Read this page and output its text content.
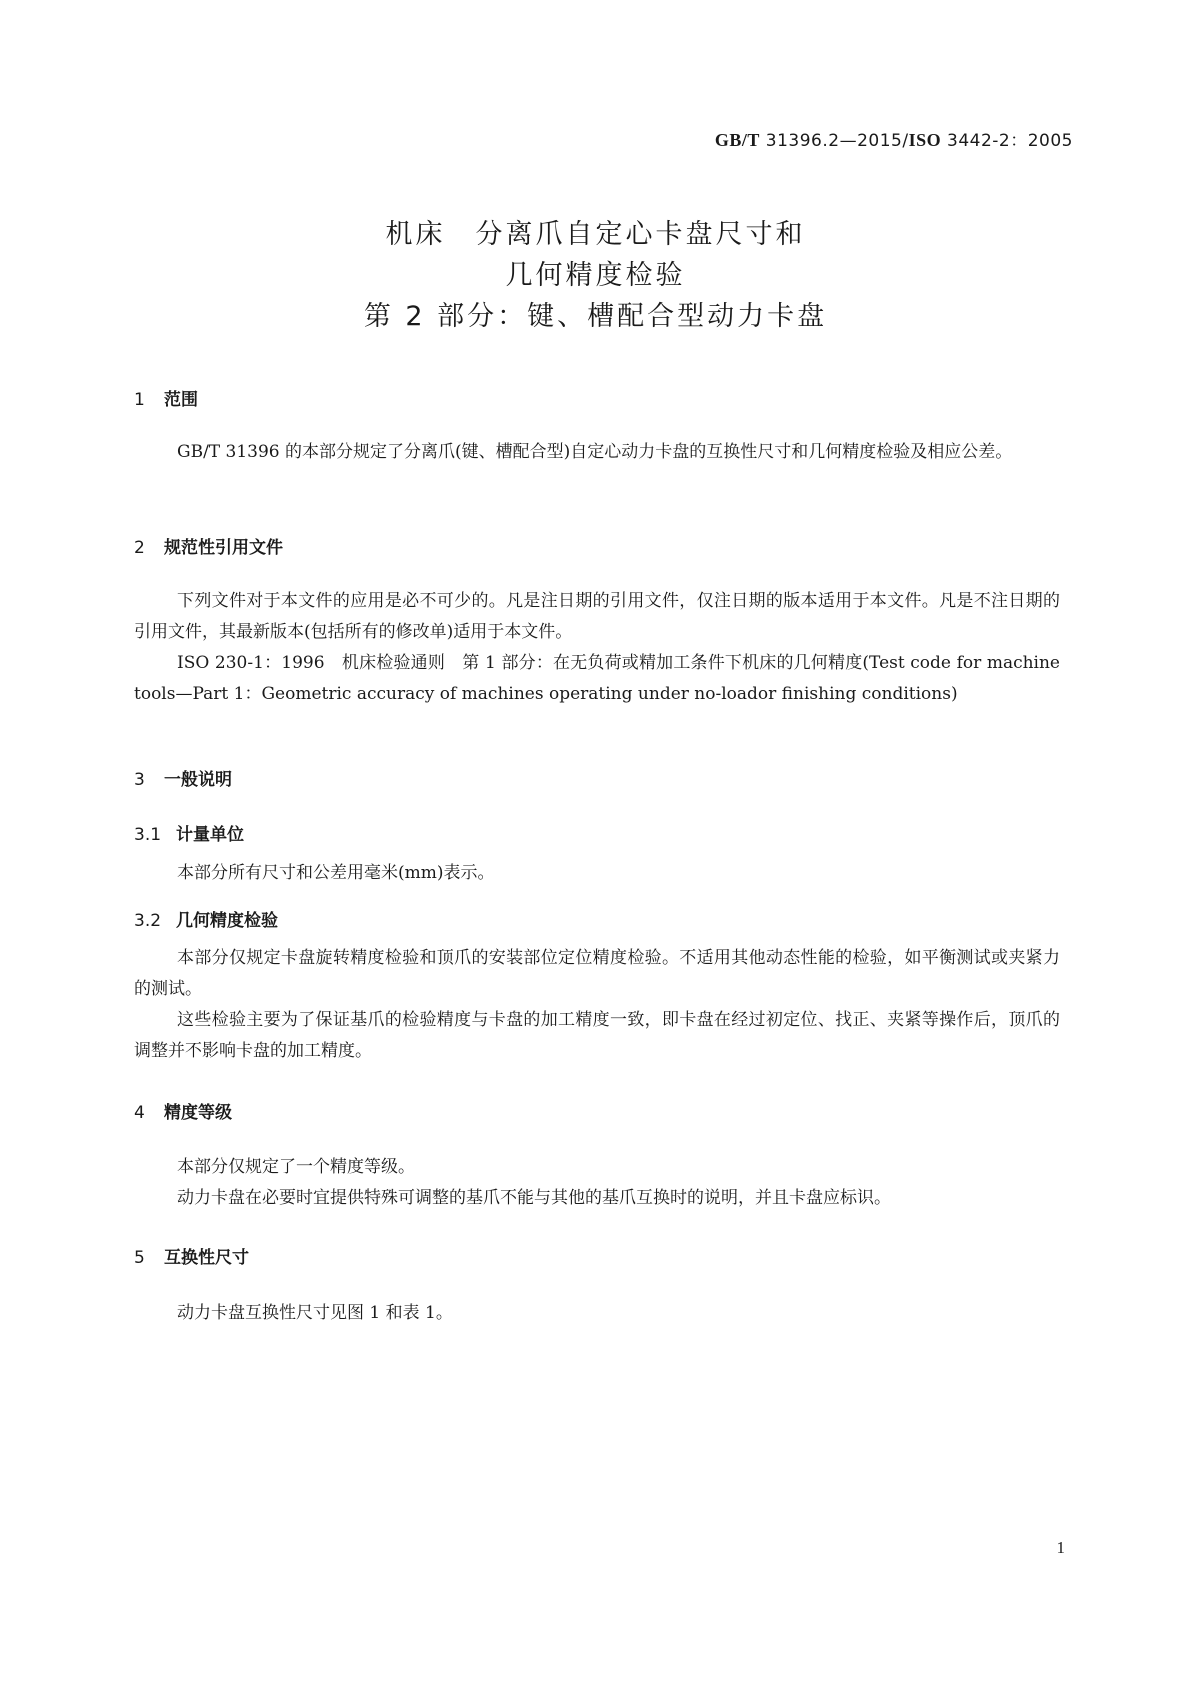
GB/T 31396.2—2015/ISO 3442-2：2005
机床　分离爪自定心卡盘尺寸和
几何精度检验
第 2 部分：键、槽配合型动力卡盘
1 范围
GB/T 31396 的本部分规定了分离爪(键、槽配合型)自定心动力卡盘的互换性尺寸和几何精度检验及相应公差。
2 规范性引用文件
下列文件对于本文件的应用是必不可少的。凡是注日期的引用文件，仅注日期的版本适用于本文件。凡是不注日期的引用文件，其最新版本(包括所有的修改单)适用于本文件。
ISO 230-1：1996　机床检验通则　第 1 部分：在无负荷或精加工条件下机床的几何精度(Test code for machine tools—Part 1：Geometric accuracy of machines operating under no-loador finishing conditions)
3 一般说明
3.1 计量单位
本部分所有尺寸和公差用毫米(mm)表示。
3.2 几何精度检验
本部分仅规定卡盘旋转精度检验和顶爪的安装部位定位精度检验。不适用其他动态性能的检验，如平衡测试或夹紧力的测试。
这些检验主要为了保证基爪的检验精度与卡盘的加工精度一致，即卡盘在经过初定位、找正、夹紧等操作后，顶爪的调整并不影响卡盘的加工精度。
4 精度等级
本部分仅规定了一个精度等级。
动力卡盘在必要时宜提供特殊可调整的基爪不能与其他的基爪互换时的说明，并且卡盘应标识。
5 互换性尺寸
动力卡盘互换性尺寸见图 1 和表 1。
1
